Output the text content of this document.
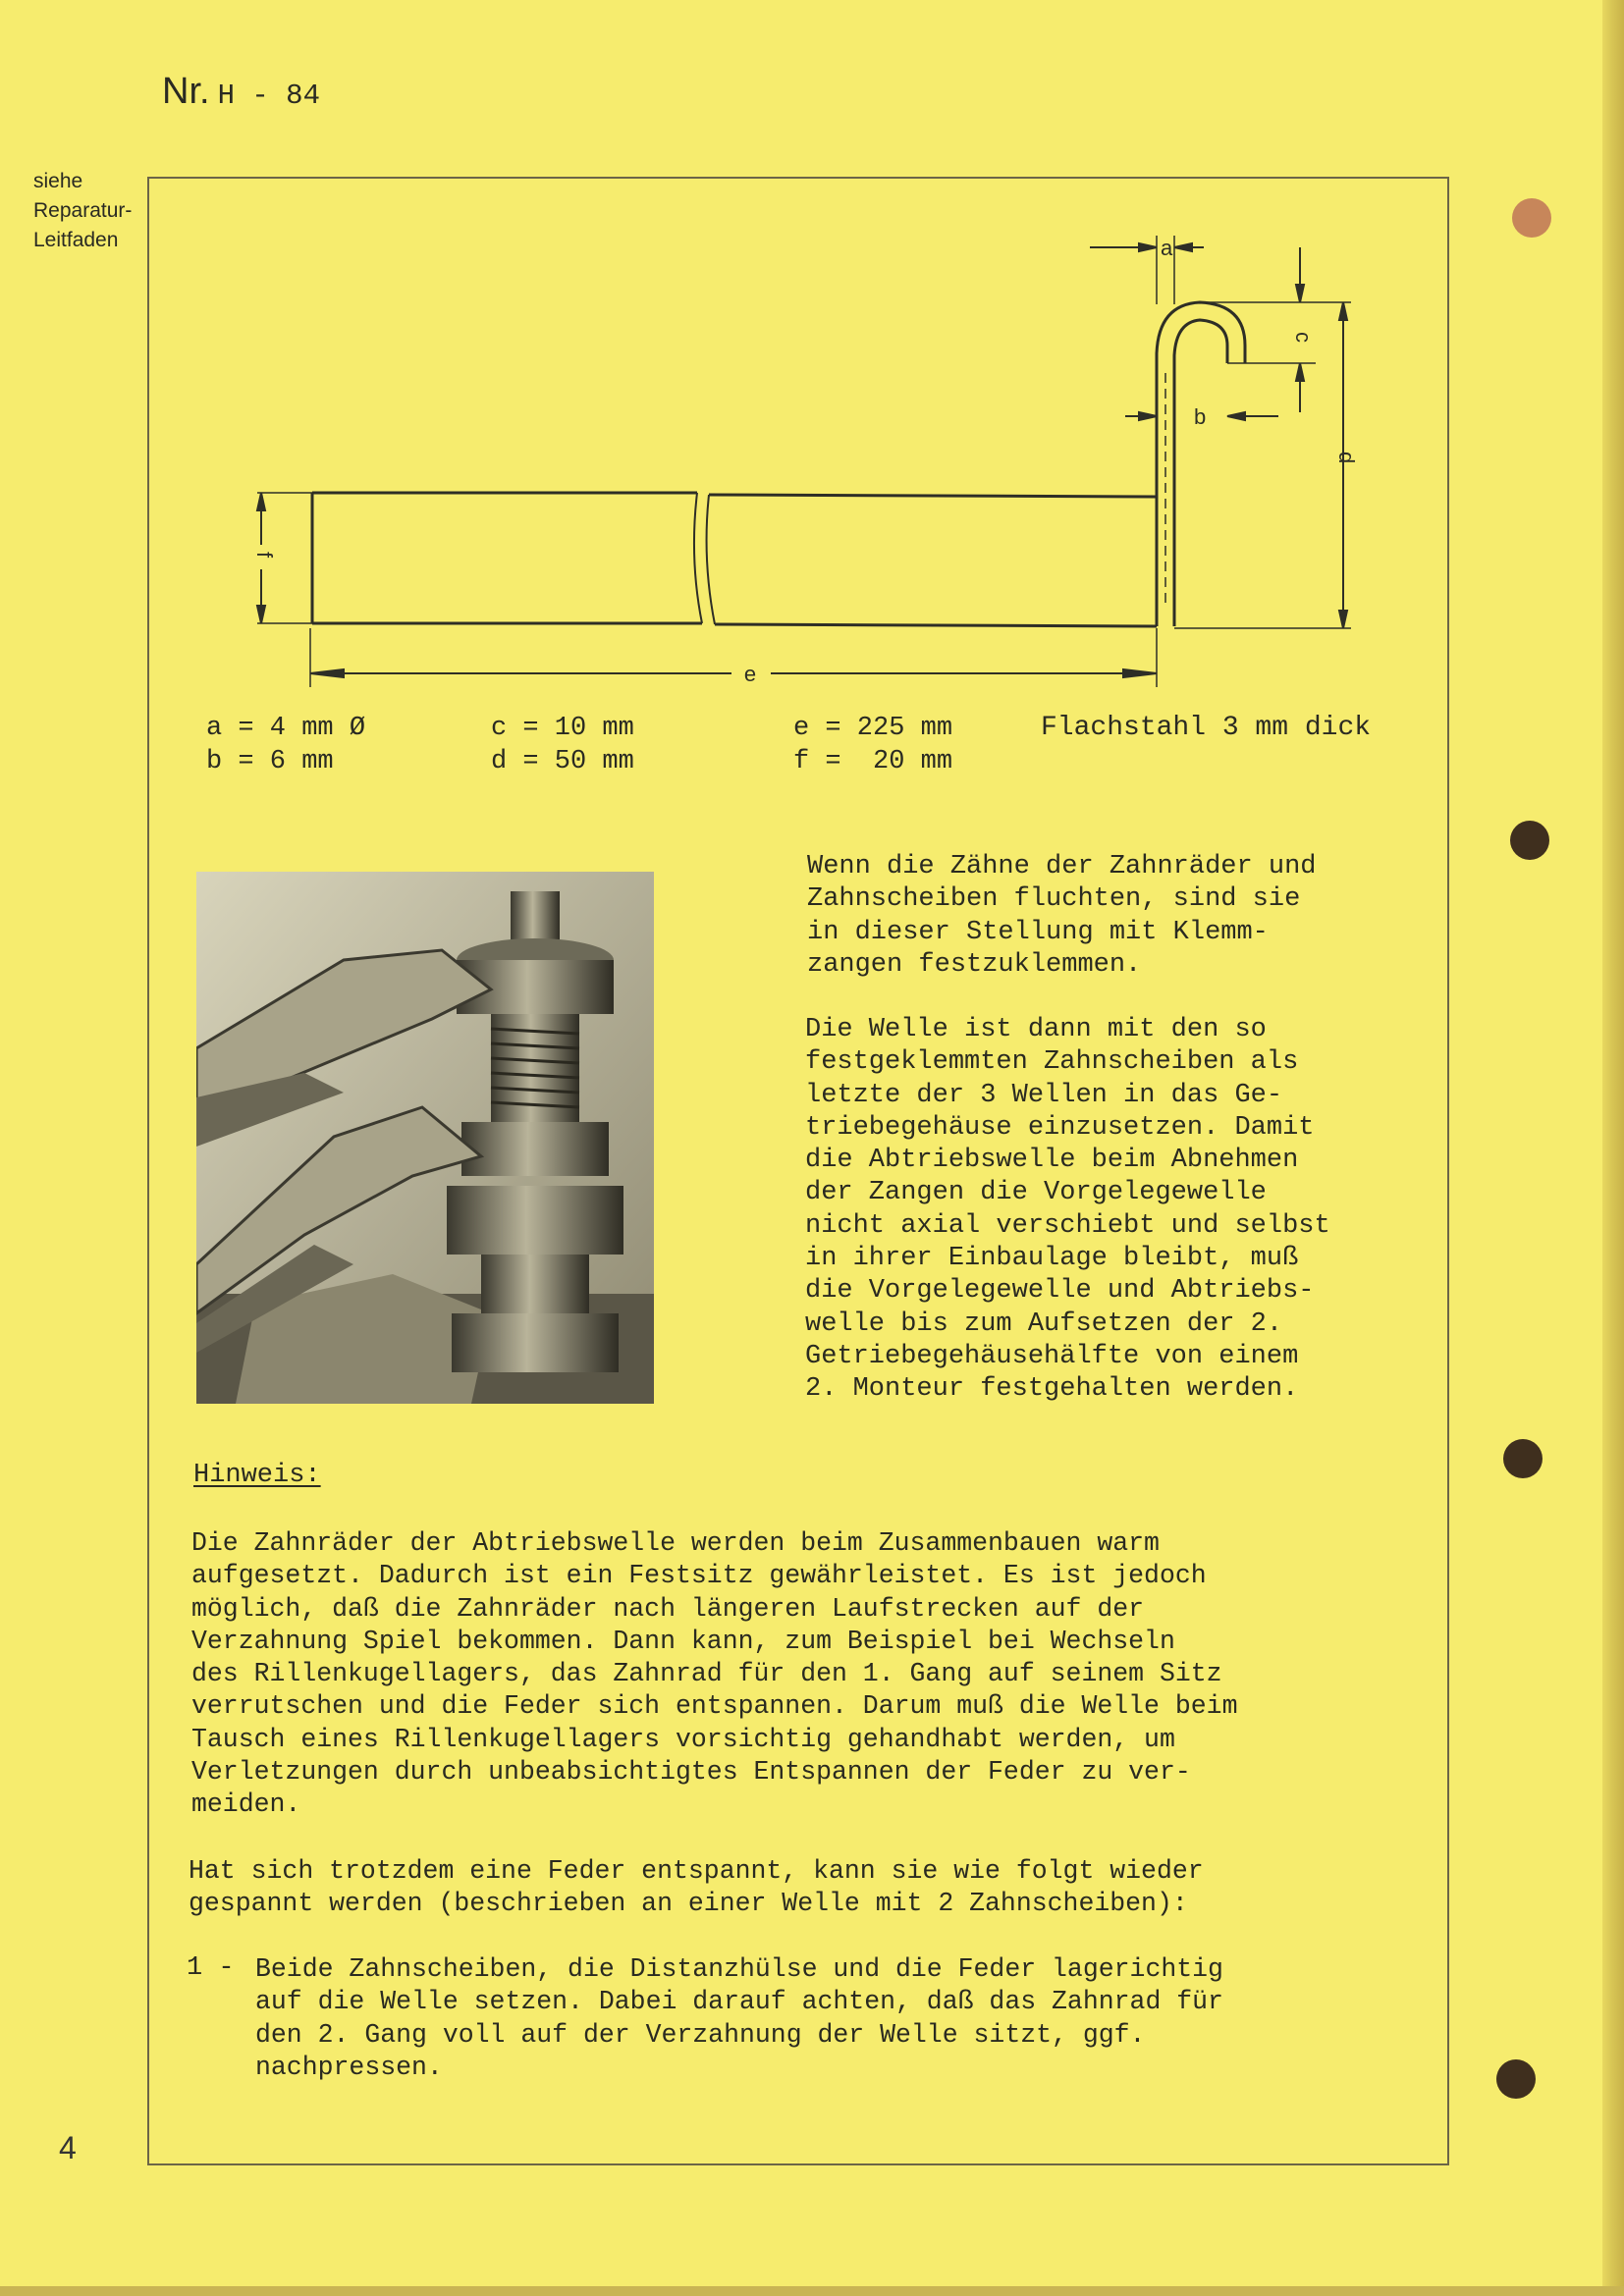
Nr. H - 84
siehe
Reparatur-
Leitfaden	a
b
c
d
e
f
a = 4 mm Ø
b = 6 mm
c = 10 mm
d = 50 mm
e = 225 mm
f =  20 mm
Flachstahl 3 mm dick
Wenn die Zähne der Zahnräder und
Zahnscheiben fluchten, sind sie
in dieser Stellung mit Klemm-
zangen festzuklemmen.
Die Welle ist dann mit den so
festgeklemmten Zahnscheiben als
letzte der 3 Wellen in das Ge-
triebegehäuse einzusetzen. Damit
die Abtriebswelle beim Abnehmen
der Zangen die Vorgelegewelle
nicht axial verschiebt und selbst
in ihrer Einbaulage bleibt, muß
die Vorgelegewelle und Abtriebs-
welle bis zum Aufsetzen der 2.
Getriebegehäusehälfte von einem
2. Monteur festgehalten werden.
Hinweis:
Die Zahnräder der Abtriebswelle werden beim Zusammenbauen warm
aufgesetzt. Dadurch ist ein Festsitz gewährleistet. Es ist jedoch
möglich, daß die Zahnräder nach längeren Laufstrecken auf der
Verzahnung Spiel bekommen. Dann kann, zum Beispiel bei Wechseln
des Rillenkugellagers, das Zahnrad für den 1. Gang auf seinem Sitz
verrutschen und die Feder sich entspannen. Darum muß die Welle beim
Tausch eines Rillenkugellagers vorsichtig gehandhabt werden, um
Verletzungen durch unbeabsichtigtes Entspannen der Feder zu ver-
meiden.
Hat sich trotzdem eine Feder entspannt, kann sie wie folgt wieder
gespannt werden (beschrieben an einer Welle mit 2 Zahnscheiben):
1 - Beide Zahnscheiben, die Distanzhülse und die Feder lagerichtig
auf die Welle setzen. Dabei darauf achten, daß das Zahnrad für
den 2. Gang voll auf der Verzahnung der Welle sitzt, ggf.
nachpressen.
4
